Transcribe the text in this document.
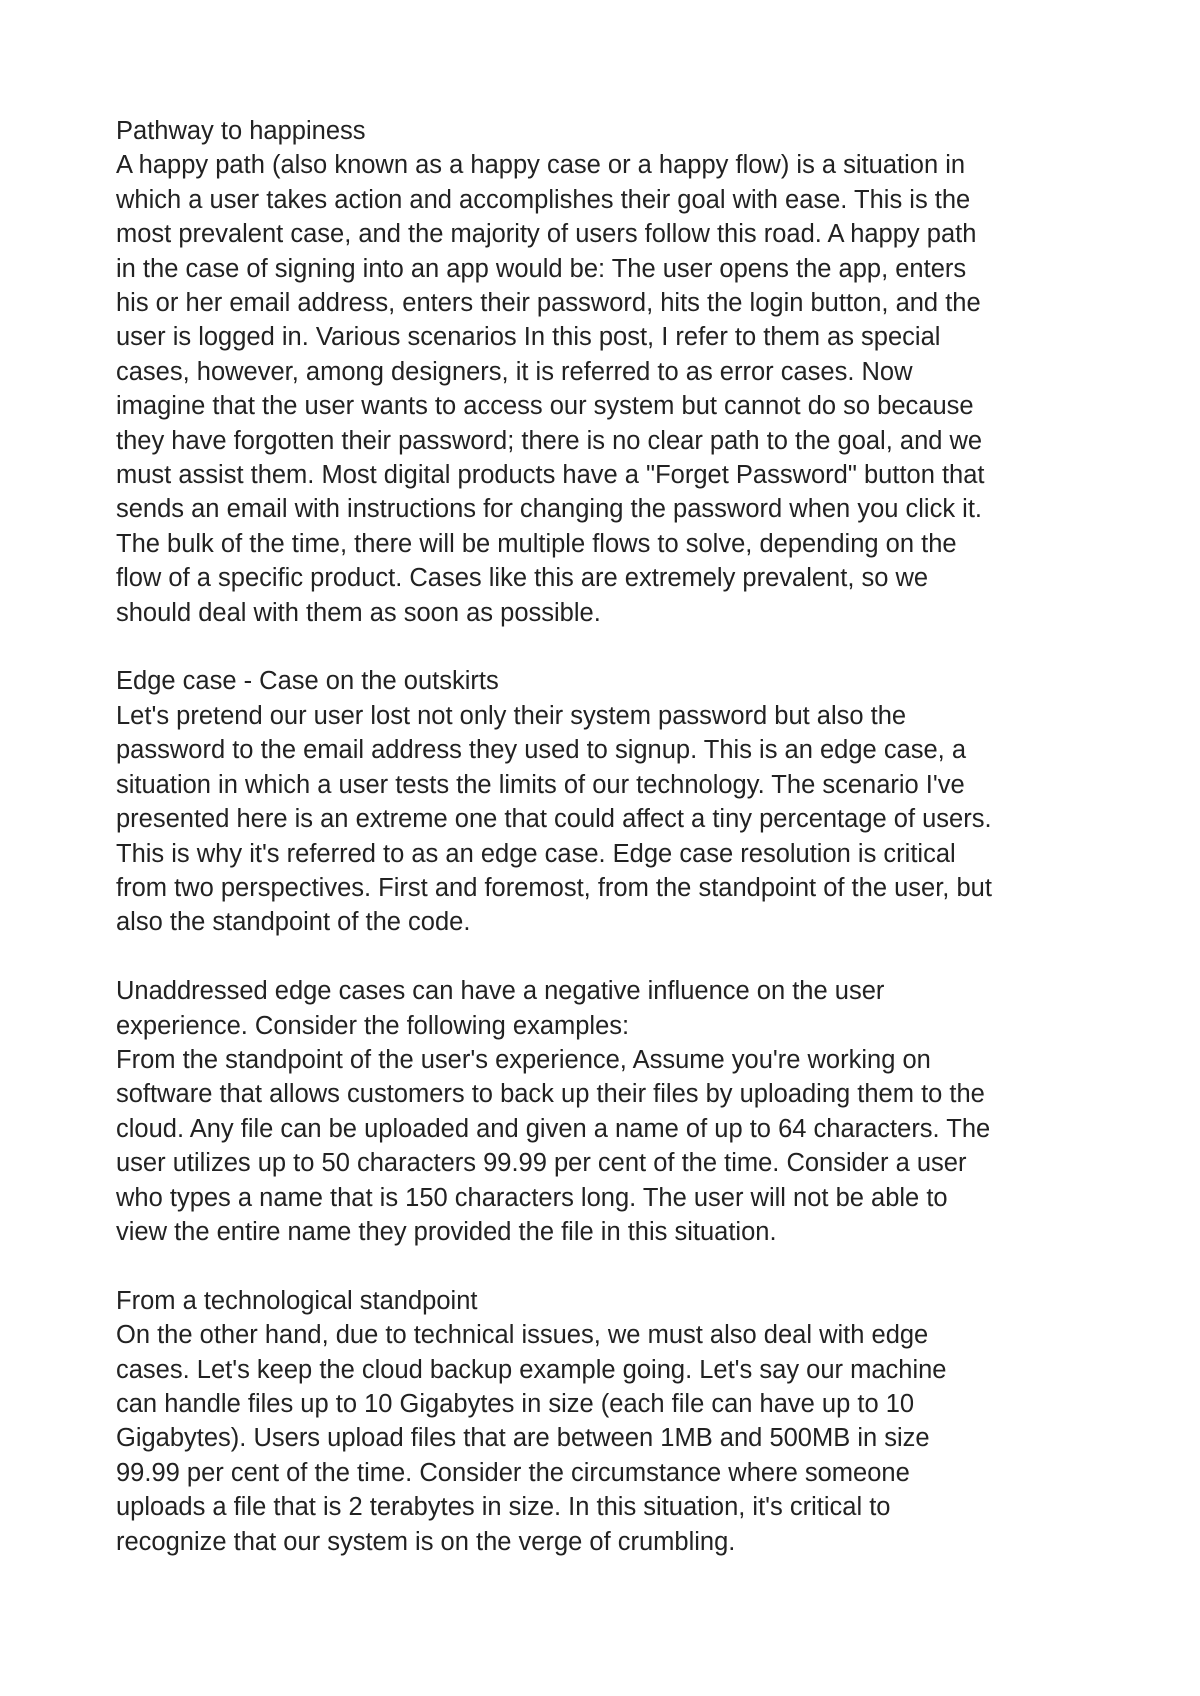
Pathway to happiness
A happy path (also known as a happy case or a happy flow) is a situation in
which a user takes action and accomplishes their goal with ease. This is the
most prevalent case, and the majority of users follow this road. A happy path
in the case of signing into an app would be: The user opens the app, enters
his or her email address, enters their password, hits the login button, and the
user is logged in. Various scenarios In this post, I refer to them as special
cases, however, among designers, it is referred to as error cases. Now
imagine that the user wants to access our system but cannot do so because
they have forgotten their password; there is no clear path to the goal, and we
must assist them. Most digital products have a "Forget Password" button that
sends an email with instructions for changing the password when you click it.
The bulk of the time, there will be multiple flows to solve, depending on the
flow of a specific product. Cases like this are extremely prevalent, so we
should deal with them as soon as possible.
Edge case - Case on the outskirts
Let's pretend our user lost not only their system password but also the
password to the email address they used to signup. This is an edge case, a
situation in which a user tests the limits of our technology. The scenario I've
presented here is an extreme one that could affect a tiny percentage of users.
This is why it's referred to as an edge case. Edge case resolution is critical
from two perspectives. First and foremost, from the standpoint of the user, but
also the standpoint of the code.
Unaddressed edge cases can have a negative influence on the user
experience. Consider the following examples:
From the standpoint of the user's experience, Assume you're working on
software that allows customers to back up their files by uploading them to the
cloud. Any file can be uploaded and given a name of up to 64 characters. The
user utilizes up to 50 characters 99.99 per cent of the time. Consider a user
who types a name that is 150 characters long. The user will not be able to
view the entire name they provided the file in this situation.
From a technological standpoint
On the other hand, due to technical issues, we must also deal with edge
cases. Let's keep the cloud backup example going. Let's say our machine
can handle files up to 10 Gigabytes in size (each file can have up to 10
Gigabytes). Users upload files that are between 1MB and 500MB in size
99.99 per cent of the time. Consider the circumstance where someone
uploads a file that is 2 terabytes in size. In this situation, it's critical to
recognize that our system is on the verge of crumbling.
